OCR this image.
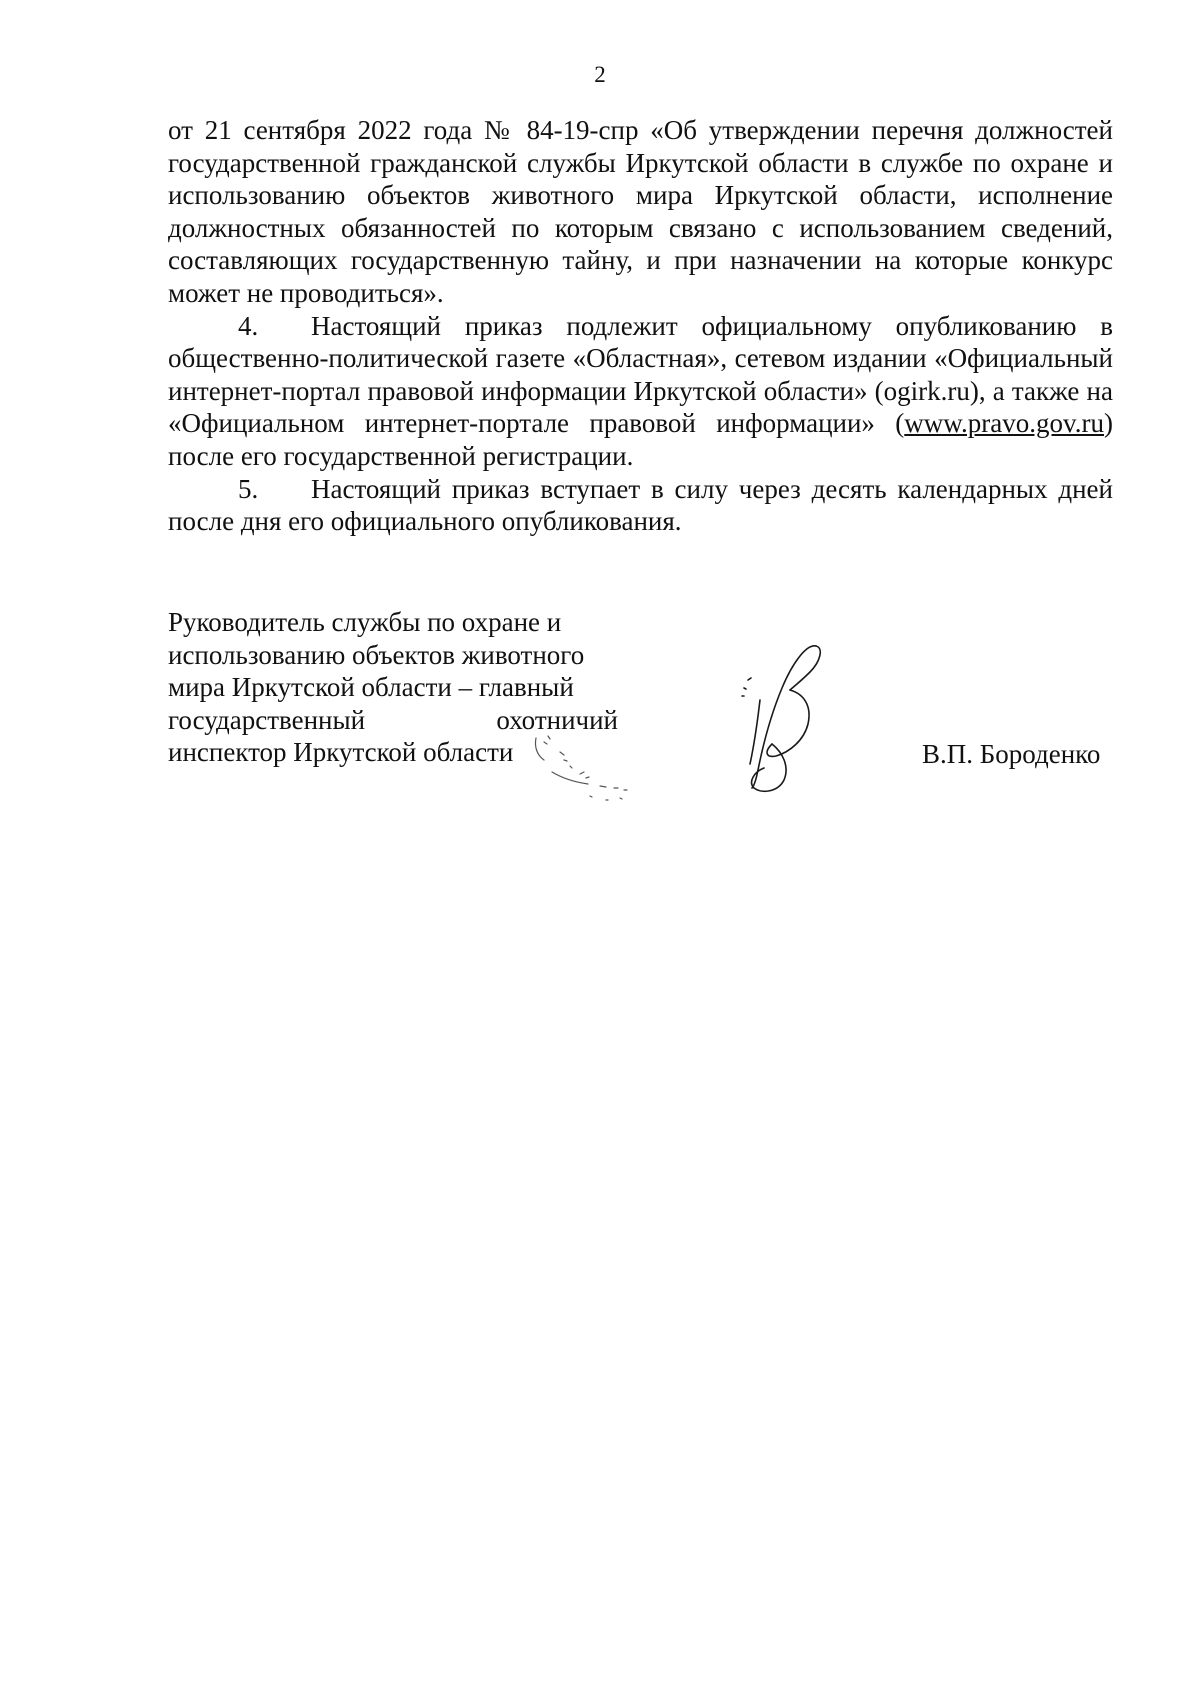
2

от 21 сентября 2022 года № 84-19-спр «Об утверждении перечня должностей государственной гражданской службы Иркутской области в службе по охране и использованию объектов животного мира Иркутской области, исполнение должностных обязанностей по которым связано с использованием сведений, составляющих государственную тайну, и при назначении на которые конкурс может не проводиться».

4. Настоящий приказ подлежит официальному опубликованию в общественно-политической газете «Областная», сетевом издании «Официальный интернет-портал правовой информации Иркутской области» (ogirk.ru), а также на «Официальном интернет-портале правовой информации» (www.pravo.gov.ru) после его государственной регистрации.

5. Настоящий приказ вступает в силу через десять календарных дней после дня его официального опубликования.

Руководитель службы по охране и
использованию объектов животного
мира Иркутской области – главный
государственный	охотничий
инспектор Иркутской области	В.П. Бороденко
